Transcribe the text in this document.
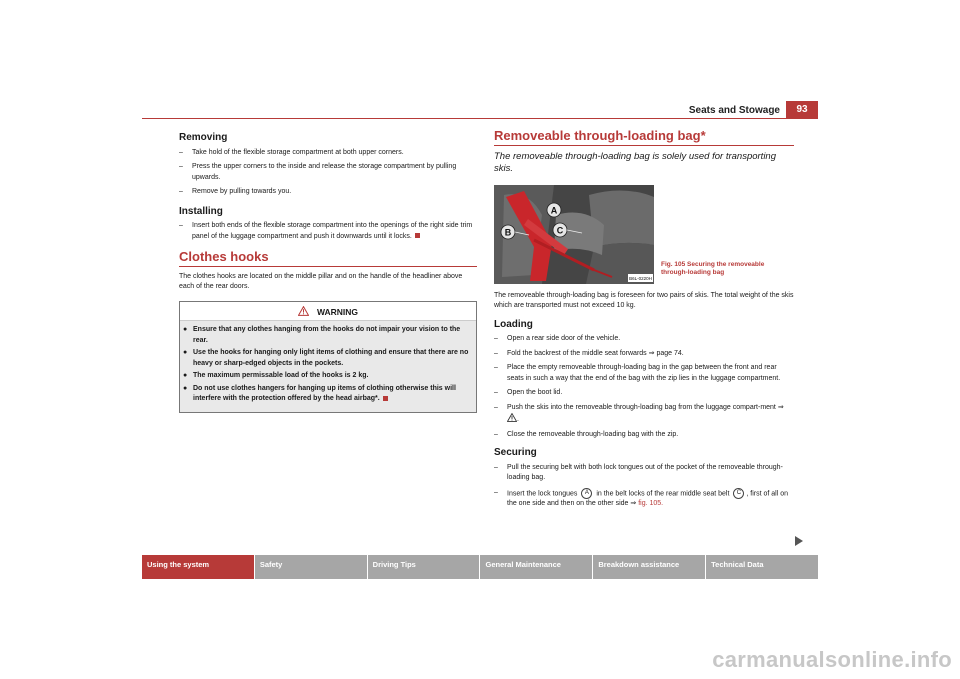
Seats and Stowage	93
Removing
– Take hold of the flexible storage compartment at both upper corners.
– Press the upper corners to the inside and release the storage compartment by pulling upwards.
– Remove by pulling towards you.
Installing
– Insert both ends of the flexible storage compartment into the openings of the right side trim panel of the luggage compartment and push it downwards until it locks.
Clothes hooks

The clothes hooks are located on the middle pillar and on the handle of the headliner above each of the rear doors.

WARNING
● Ensure that any clothes hanging from the hooks do not impair your vision to the rear.
● Use the hooks for hanging only light items of clothing and ensure that there are no heavy or sharp-edged objects in the pockets.
● The maximum permissable load of the hooks is 2 kg.
● Do not use clothes hangers for hanging up items of clothing otherwise this will interfere with the protection offered by the head airbag*.
Removeable through-loading bag*
The removeable through-loading bag is solely used for transporting skis.
A
B	C
B6L-0220H
Fig. 105 Securing the removeable through-loading bag

The removeable through-loading bag is foreseen for two pairs of skis. The total weight of the skis which are transported must not exceed 10 kg.

Loading
– Open a rear side door of the vehicle.
– Fold the backrest of the middle seat forwards ⇒ page 74.
– Place the empty removeable through-loading bag in the gap between the front and rear seats in such a way that the end of the bag with the zip lies in the luggage compartment.
– Open the boot lid.
– Push the skis into the removeable through-loading bag from the luggage compart-ment ⇒ .
– Close the removeable through-loading bag with the zip.
Securing
– Pull the securing belt with both lock tongues out of the pocket of the removeable through-loading bag.
– Insert the lock tongues A in the belt locks of the rear middle seat belt C , first of all on the one side and then on the other side ⇒ fig. 105.
Using the system	Safety	Driving Tips	General Maintenance	Breakdown assistance	Technical Data
carmanualsonline.info
